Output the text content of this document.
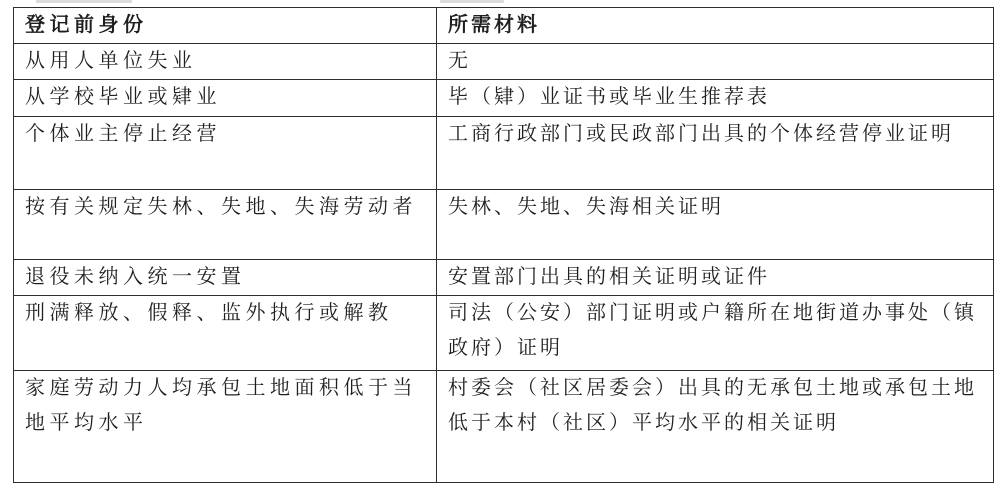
登记前身份	所需材料
从用人单位失业	无
从学校毕业或肄业	毕（肄）业证书或毕业生推荐表
个体业主停止经营	工商行政部门或民政部门出具的个体经营停业证明
按有关规定失林、失地、失海劳动者	失林、失地、失海相关证明
退役未纳入统一安置	安置部门出具的相关证明或证件
刑满释放、假释、监外执行或解教	司法（公安）部门证明或户籍所在地街道办事处（镇政府）证明
家庭劳动力人均承包土地面积低于当地平均水平	村委会（社区居委会）出具的无承包土地或承包土地低于本村（社区）平均水平的相关证明
